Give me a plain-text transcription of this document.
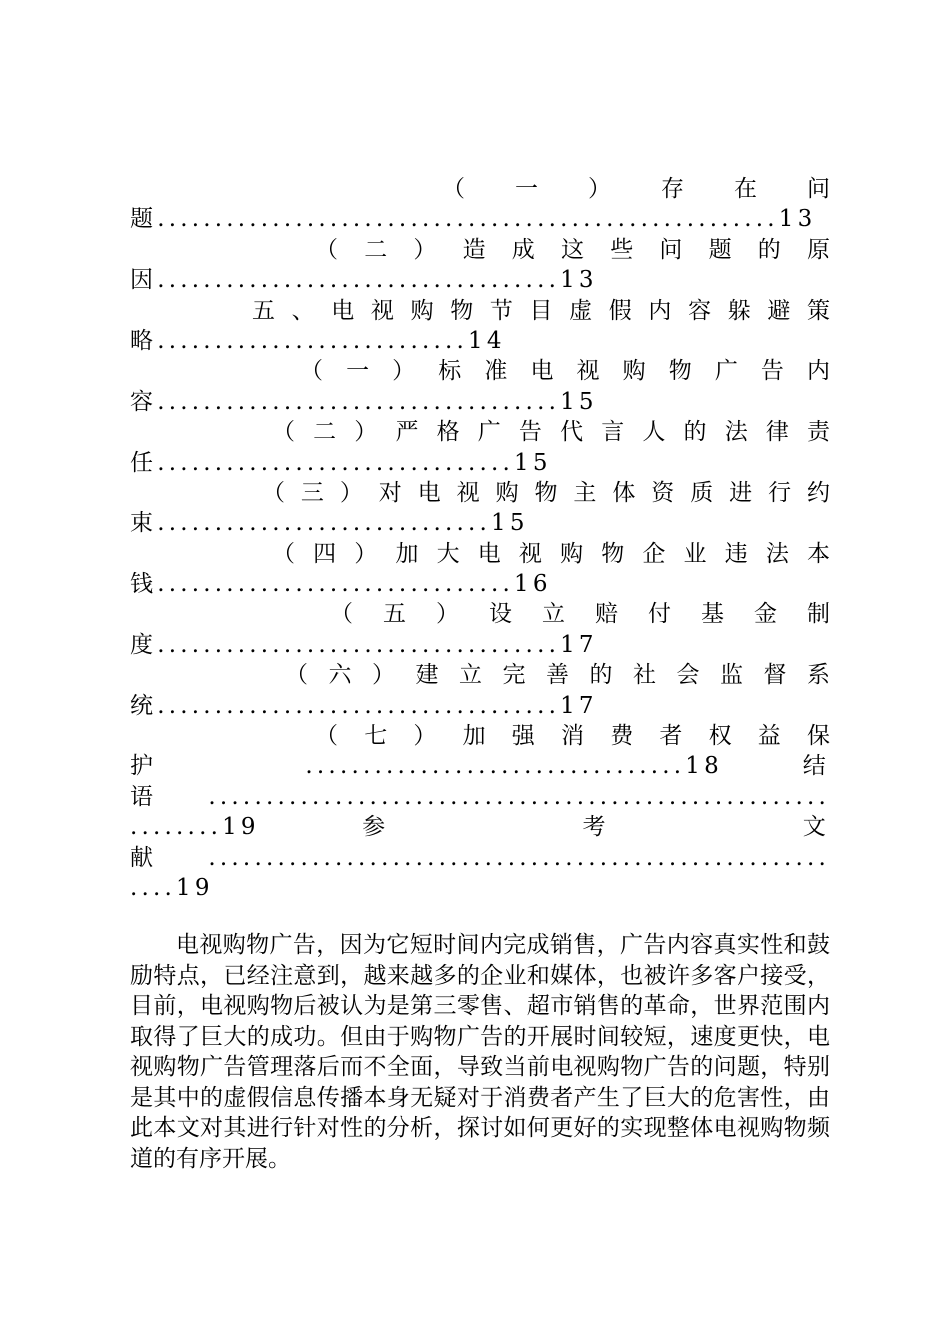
（ 一 ） 存 在 问
题......................................................13
（ 二 ） 造 成 这 些 问 题 的 原
因...................................13
五 、 电 视 购 物 节 目 虚 假 内 容 躲 避 策
略...........................14
（ 一 ） 标 准 电 视 购 物 广 告 内
容...................................15
（ 二 ） 严 格 广 告 代 言 人 的 法 律 责
任...............................15
（ 三 ） 对 电 视 购 物 主 体 资 质 进 行 约
束.............................15
（ 四 ） 加 大 电 视 购 物 企 业 违 法 本
钱...............................16
（ 五 ） 设 立 赔 付 基 金 制
度...................................17
（ 六 ） 建 立 完 善 的 社 会 监 督 系
统...................................17
（ 七 ） 加 强 消 费 者 权 益 保
护 .................................18 结
语......................................................
........19 参 考 文
献......................................................
....19

电视购物广告，因为它短时间内完成销售，广告内容真实性和鼓励特点，已经注意到，越来越多的企业和媒体，也被许多客户接受，目前，电视购物后被认为是第三零售、超市销售的革命，世界范围内取得了巨大的成功。但由于购物广告的开展时间较短，速度更快，电视购物广告管理落后而不全面，导致当前电视购物广告的问题，特别是其中的虚假信息传播本身无疑对于消费者产生了巨大的危害性，由此本文对其进行针对性的分析，探讨如何更好的实现整体电视购物频道的有序开展。
